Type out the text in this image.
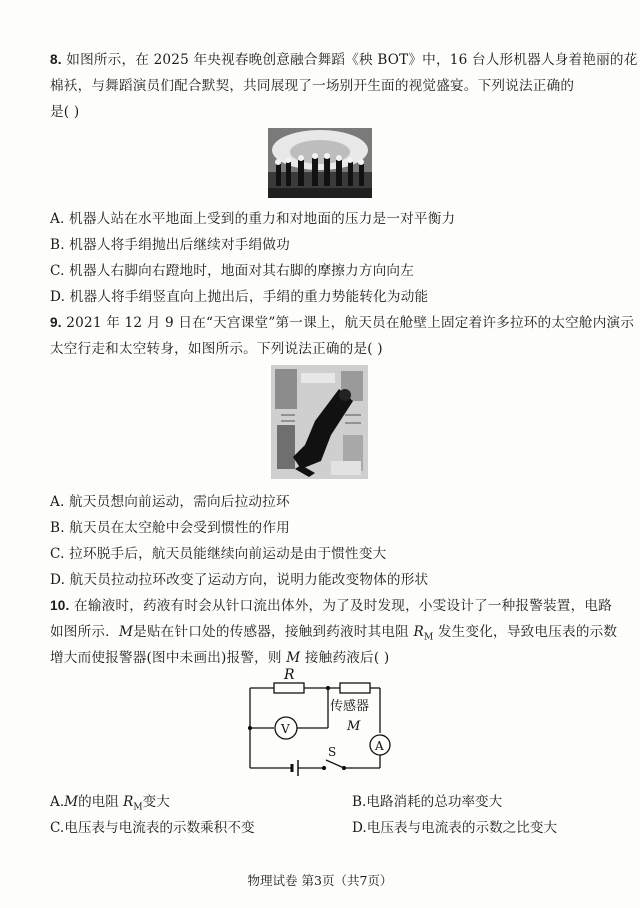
8. 如图所示，在 2025 年央视春晚创意融合舞蹈《秧 BOT》中，16 台人形机器人身着艳丽的花
棉袄，与舞蹈演员们配合默契，共同展现了一场别开生面的视觉盛宴。下列说法正确的
是( )
A. 机器人站在水平地面上受到的重力和对地面的压力是一对平衡力
B. 机器人将手绢抛出后继续对手绢做功
C. 机器人右脚向右蹬地时，地面对其右脚的摩擦力方向向左
D. 机器人将手绢竖直向上抛出后，手绢的重力势能转化为动能
9. 2021 年 12 月 9 日在“天宫课堂”第一课上，航天员在舱壁上固定着许多拉环的太空舱内演示
太空行走和太空转身，如图所示。下列说法正确的是( )
A. 航天员想向前运动，需向后拉动拉环
B. 航天员在太空舱中会受到惯性的作用
C. 拉环脱手后，航天员能继续向前运动是由于惯性变大
D. 航天员拉动拉环改变了运动方向，说明力能改变物体的形状
10. 在输液时，药液有时会从针口流出体外，为了及时发现，小雯设计了一种报警装置，电路
如图所示．M是贴在针口处的传感器，接触到药液时其电阻 $R_M$ 发生变化，导致电压表的示数
增大而使报警器(图中未画出)报警，则 M 接触药液后( )
R
传感器
M
V
A
S
A.M的电阻 $R_M$变大	B.电路消耗的总功率变大
C.电压表与电流表的示数乘积不变	D.电压表与电流表的示数之比变大
物理试卷 第3页（共7页）
